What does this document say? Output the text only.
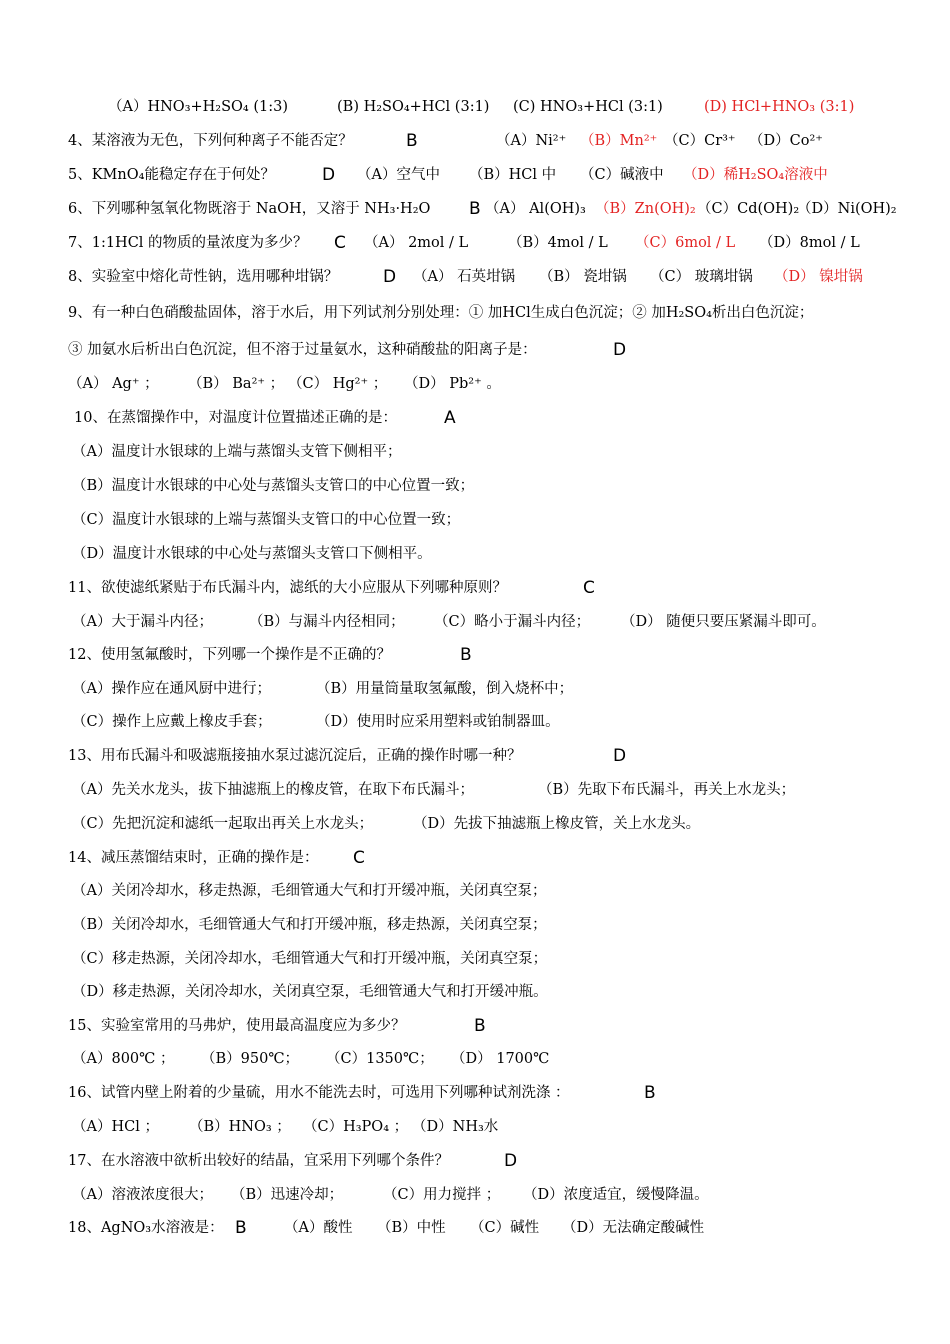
（A）HNO₃+H₂SO₄ (1:3)	(B) H₂SO₄+HCl (3:1) (C) HNO₃+HCl (3:1)	(D) HCl+HNO₃ (3:1)
4、某溶液为无色，下列何种离子不能否定？	B	（A）Ni²⁺ （B）Mn²⁺ （C）Cr³⁺ （D）Co²⁺
5、KMnO₄能稳定存在于何处？	D （A）空气中 （B）HCl 中 （C）碱液中 （D）稀H₂SO₄溶液中
6、下列哪种氢氧化物既溶于 NaOH，又溶于 NH₃·H₂O B （A） Al(OH)₃ （B）Zn(OH)₂ （C）Cd(OH)₂
（D）Ni(OH)₂
7、1:1HCl 的物质的量浓度为多少？ C （A） 2mol / L	（B）4mol / L （C）6mol / L （D）8mol / L
8、实验室中熔化苛性钠，选用哪种坩锅？	D （A） 石英坩锅 （B） 瓷坩锅 （C） 玻璃坩锅 （D） 镍坩锅
9、有一种白色硝酸盐固体，溶于水后，用下列试剂分别处理：① 加HCl生成白色沉淀；② 加H₂SO₄析出白色沉淀；
③ 加氨水后析出白色沉淀，但不溶于过量氨水，这种硝酸盐的阳离子是：	D
（A） Ag⁺ ； （B） Ba²⁺ ； （C） Hg²⁺ ； （D） Pb²⁺ 。
10、在蒸馏操作中，对温度计位置描述正确的是：	A
（A）温度计水银球的上端与蒸馏头支管下侧相平；
（B）温度计水银球的中心处与蒸馏头支管口的中心位置一致；
（C）温度计水银球的上端与蒸馏头支管口的中心位置一致；
（D）温度计水银球的中心处与蒸馏头支管口下侧相平。
11、欲使滤纸紧贴于布氏漏斗内，滤纸的大小应服从下列哪种原则？	C
（A）大于漏斗内径； （B）与漏斗内径相同； （C）略小于漏斗内径； （D） 随便只要压紧漏斗即可。
12、使用氢氟酸时，下列哪一个操作是不正确的？	B
（A）操作应在通风厨中进行；	（B）用量筒量取氢氟酸，倒入烧杯中；
（C）操作上应戴上橡皮手套；	（D）使用时应采用塑料或铂制器皿。
13、用布氏漏斗和吸滤瓶接抽水泵过滤沉淀后，正确的操作时哪一种？	D
（A）先关水龙头，拔下抽滤瓶上的橡皮管，在取下布氏漏斗；	（B）先取下布氏漏斗，再关上水龙头；
（C）先把沉淀和滤纸一起取出再关上水龙头；	（D）先拔下抽滤瓶上橡皮管，关上水龙头。
14、减压蒸馏结束时，正确的操作是： C
（A）关闭冷却水，移走热源，毛细管通大气和打开缓冲瓶，关闭真空泵；
（B）关闭冷却水，毛细管通大气和打开缓冲瓶，移走热源，关闭真空泵；
（C）移走热源，关闭冷却水，毛细管通大气和打开缓冲瓶，关闭真空泵；
（D）移走热源，关闭冷却水，关闭真空泵，毛细管通大气和打开缓冲瓶。
15、实验室常用的马弗炉，使用最高温度应为多少？	B
（A）800℃ ； （B）950℃； （C）1350℃； （D） 1700℃
16、试管内壁上附着的少量硫，用水不能洗去时，可选用下列哪种试剂洗涤 ：	B
（A）HCl ； （B）HNO₃ ； （C）H₃PO₄ ； （D）NH₃水
17、在水溶液中欲析出较好的结晶，宜采用下列哪个条件？	D
（A）溶液浓度很大； （B）迅速冷却；	（C）用力搅拌 ； （D）浓度适宜，缓慢降温。
18、AgNO₃水溶液是： B	（A）酸性 （B）中性 （C）碱性 （D）无法确定酸碱性
